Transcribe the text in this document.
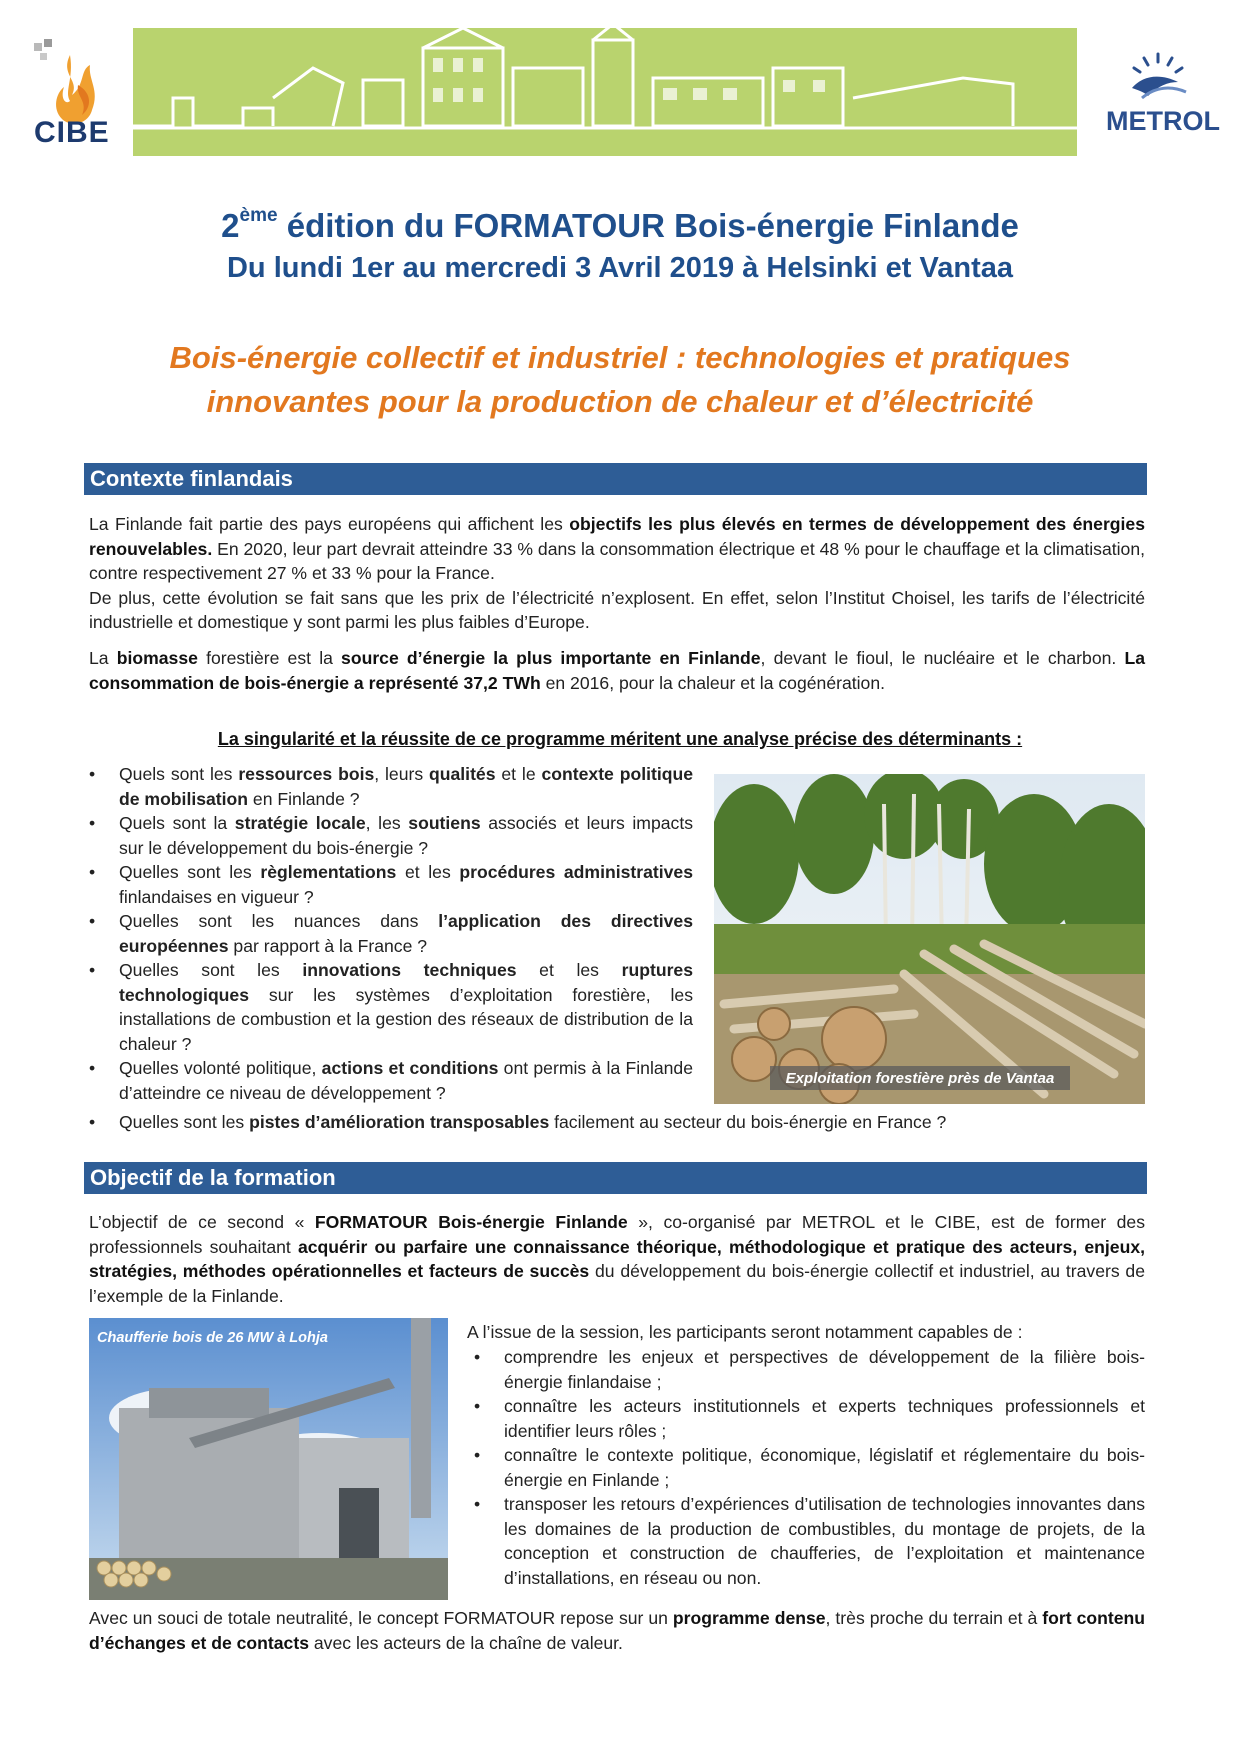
CIBE	METROL
2ème édition du FORMATOUR Bois-énergie Finlande
Du lundi 1er au mercredi 3 Avril 2019 à Helsinki et Vantaa
Bois-énergie collectif et industriel : technologies et pratiques
innovantes pour la production de chaleur et d’électricité
Contexte finlandais
La Finlande fait partie des pays européens qui affichent les objectifs les plus élevés en termes de développement des énergies renouvelables. En 2020, leur part devrait atteindre 33 % dans la consommation électrique et 48 % pour le chauffage et la climatisation, contre respectivement 27 % et 33 % pour la France.
De plus, cette évolution se fait sans que les prix de l’électricité n’explosent. En effet, selon l’Institut Choisel, les tarifs de l’électricité industrielle et domestique y sont parmi les plus faibles d’Europe.
La biomasse forestière est la source d’énergie la plus importante en Finlande, devant le fioul, le nucléaire et le charbon. La consommation de bois-énergie a représenté 37,2 TWh en 2016, pour la chaleur et la cogénération.
La singularité et la réussite de ce programme méritent une analyse précise des déterminants :
• Quels sont les ressources bois, leurs qualités et le contexte politique de mobilisation en Finlande ?
• Quels sont la stratégie locale, les soutiens associés et leurs impacts sur le développement du bois-énergie ?
• Quelles sont les règlementations et les procédures administratives finlandaises en vigueur ?
• Quelles sont les nuances dans l’application des directives européennes par rapport à la France ?
• Quelles sont les innovations techniques et les ruptures technologiques sur les systèmes d’exploitation forestière, les installations de combustion et la gestion des réseaux de distribution de la chaleur ?
• Quelles volonté politique, actions et conditions ont permis à la Finlande d’atteindre ce niveau de développement ?
• Quelles sont les pistes d’amélioration transposables facilement au secteur du bois-énergie en France ?
Exploitation forestière près de Vantaa
Objectif de la formation
L’objectif de ce second « FORMATOUR Bois-énergie Finlande », co-organisé par METROL et le CIBE, est de former des professionnels souhaitant acquérir ou parfaire une connaissance théorique, méthodologique et pratique des acteurs, enjeux, stratégies, méthodes opérationnelles et facteurs de succès du développement du bois-énergie collectif et industriel, au travers de l’exemple de la Finlande.
Chaufferie bois de 26 MW à Lohja	A l’issue de la session, les participants seront notamment capables de :
• comprendre les enjeux et perspectives de développement de la filière bois-énergie finlandaise ;
• connaître les acteurs institutionnels et experts techniques professionnels et identifier leurs rôles ;
• connaître le contexte politique, économique, législatif et réglementaire du bois-énergie en Finlande ;
• transposer les retours d’expériences d’utilisation de technologies innovantes dans les domaines de la production de combustibles, du montage de projets, de la conception et construction de chaufferies, de l’exploitation et maintenance d’installations, en réseau ou non.
Avec un souci de totale neutralité, le concept FORMATOUR repose sur un programme dense, très proche du terrain et à fort contenu d’échanges et de contacts avec les acteurs de la chaîne de valeur.
